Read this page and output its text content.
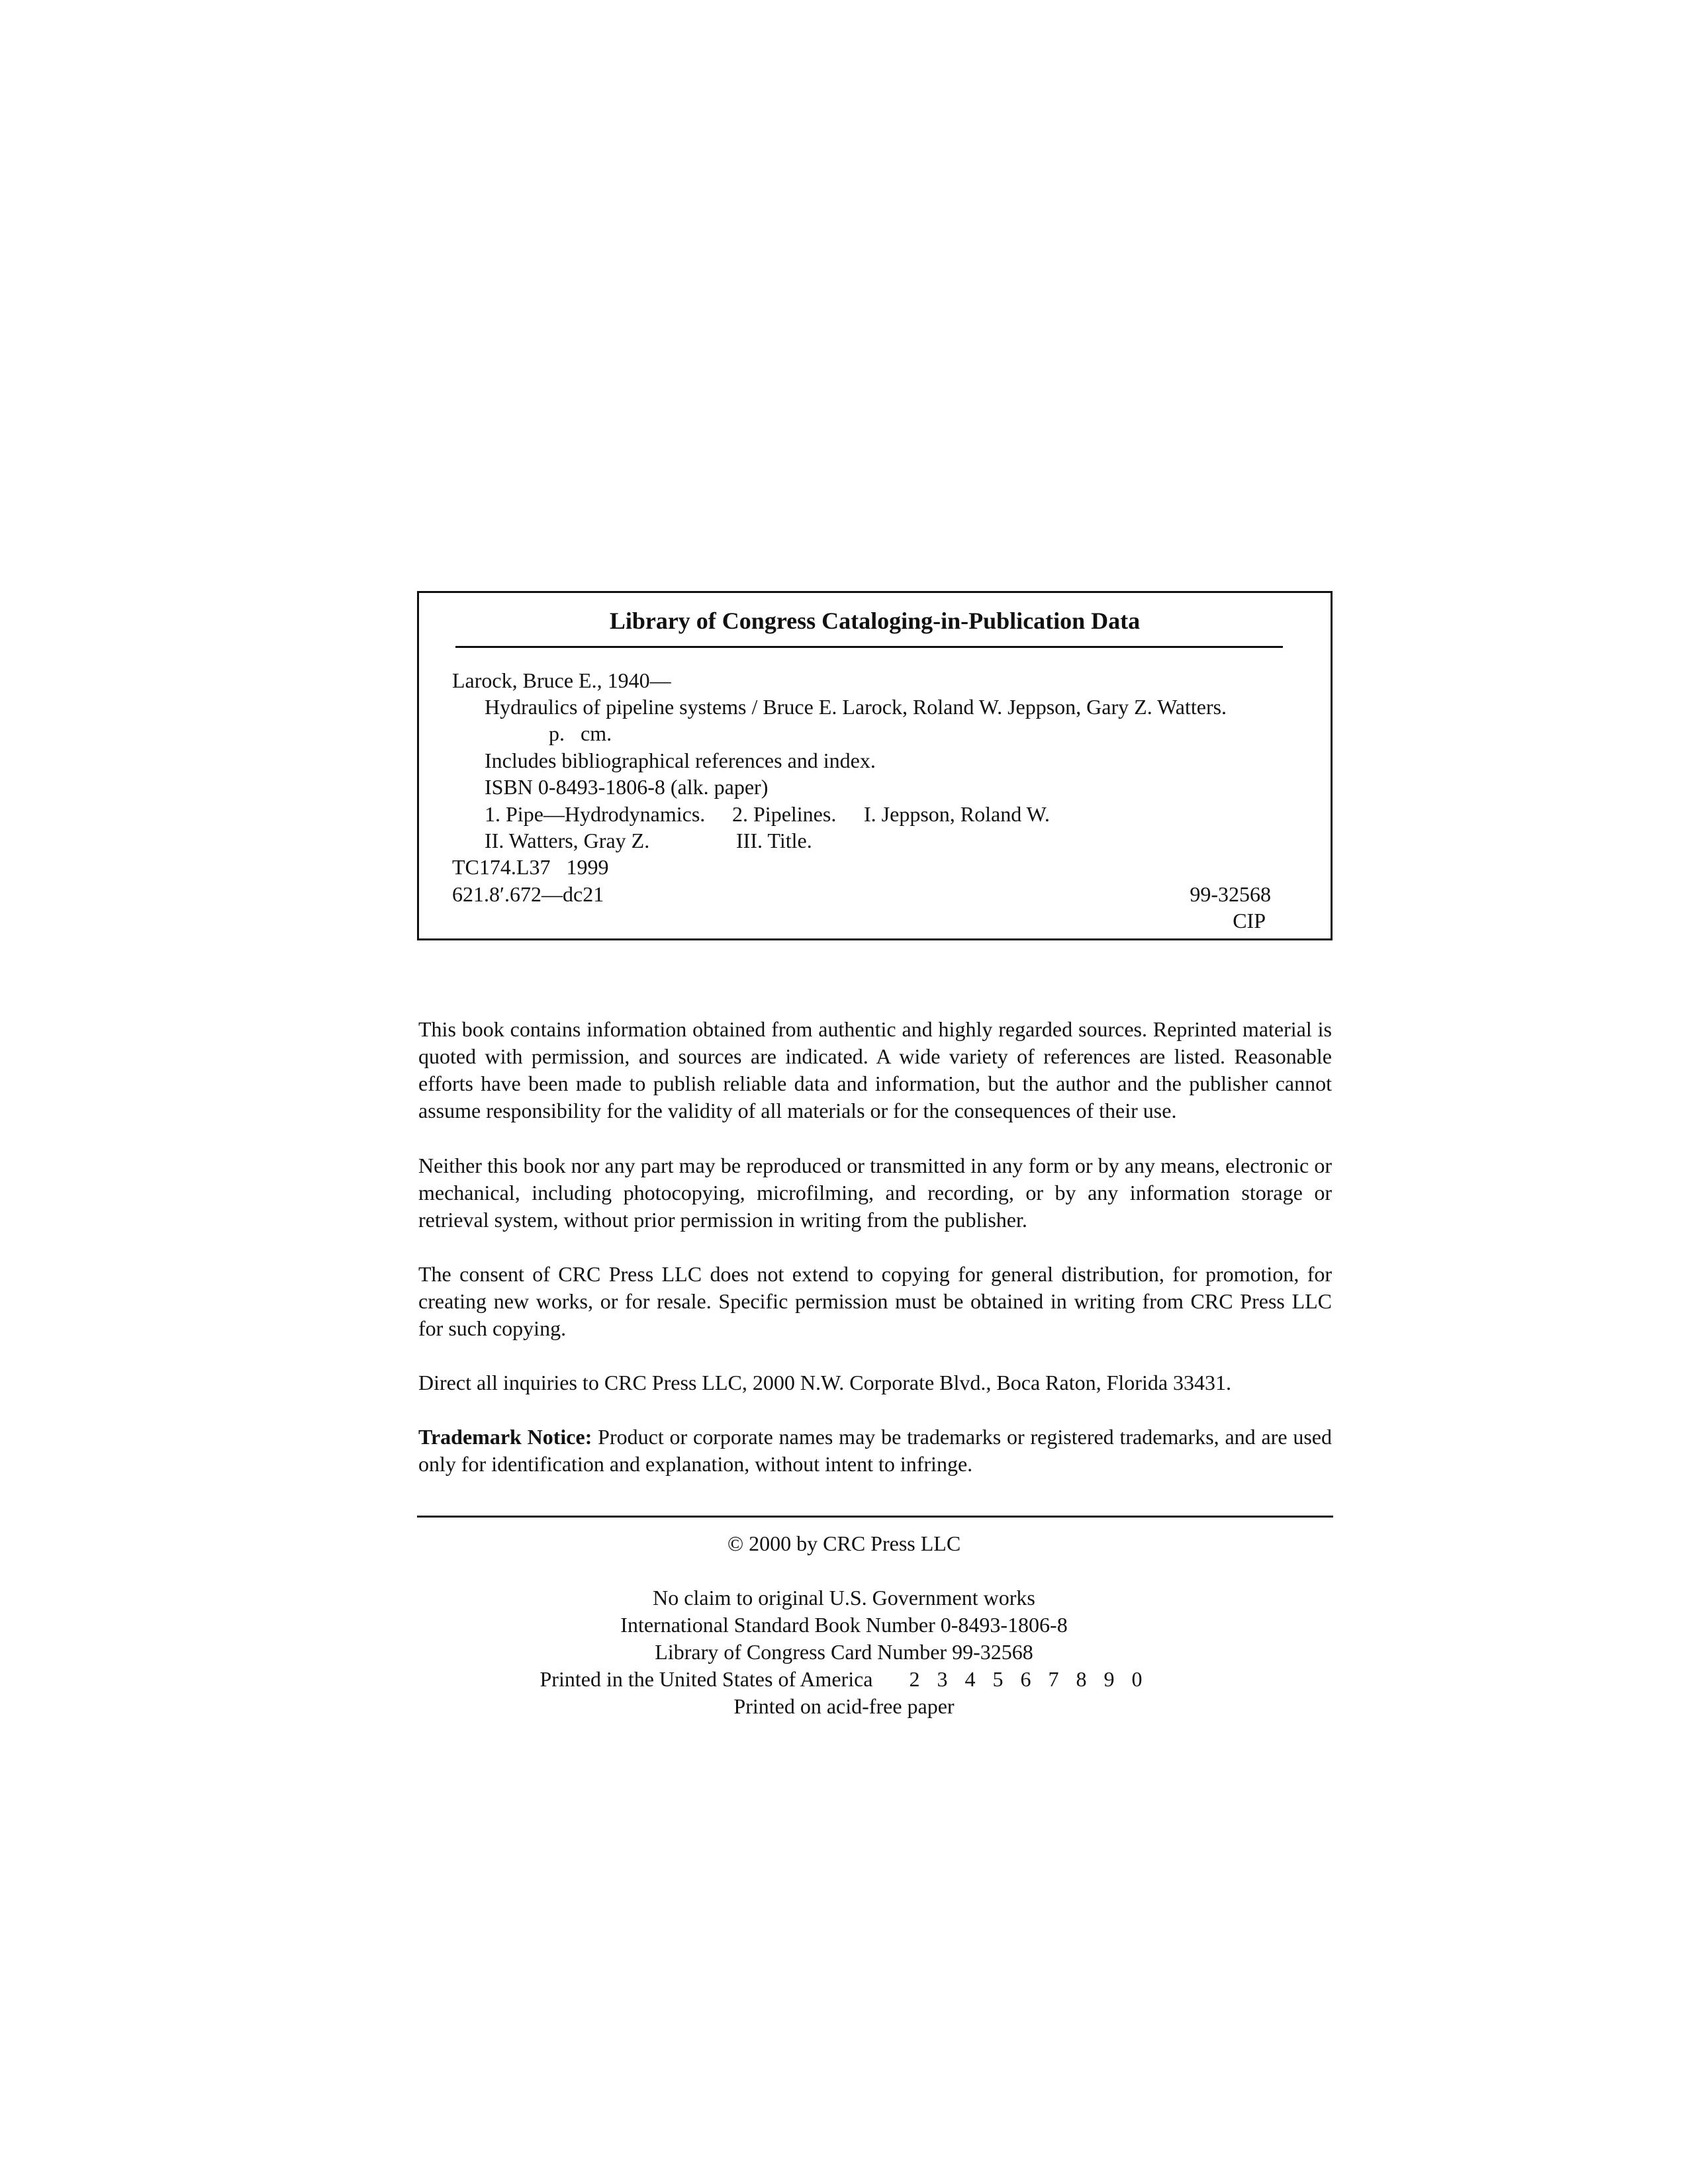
Library of Congress Cataloging-in-Publication Data
Larock, Bruce E., 1940—
Hydraulics of pipeline systems / Bruce E. Larock, Roland W. Jeppson, Gary Z. Watters.
p.   cm.
Includes bibliographical references and index.
ISBN 0-8493-1806-8 (alk. paper)
1. Pipe—Hydrodynamics. 2. Pipelines. I. Jeppson, Roland W.
II. Watters, Gray Z.	III. Title.
TC174.L37   1999
621.8′.672—dc21	99-32568
CIP

This book contains information obtained from authentic and highly regarded sources. Reprinted material is quoted with permission, and sources are indicated. A wide variety of references are listed. Reasonable efforts have been made to publish reliable data and information, but the author and the publisher cannot assume responsibility for the validity of all materials or for the consequences of their use.

Neither this book nor any part may be reproduced or transmitted in any form or by any means, electronic or mechanical, including photocopying, microfilming, and recording, or by any information storage or retrieval system, without prior permission in writing from the publisher.

The consent of CRC Press LLC does not extend to copying for general distribution, for promotion, for creating new works, or for resale. Specific permission must be obtained in writing from CRC Press LLC for such copying.

Direct all inquiries to CRC Press LLC, 2000 N.W. Corporate Blvd., Boca Raton, Florida 33431.

Trademark Notice: Product or corporate names may be trademarks or registered trademarks, and are used only for identification and explanation, without intent to infringe.

© 2000 by CRC Press LLC
No claim to original U.S. Government works
International Standard Book Number 0-8493-1806-8
Library of Congress Card Number 99-32568
Printed in the United States of America 2 3 4 5 6 7 8 9 0
Printed on acid-free paper
